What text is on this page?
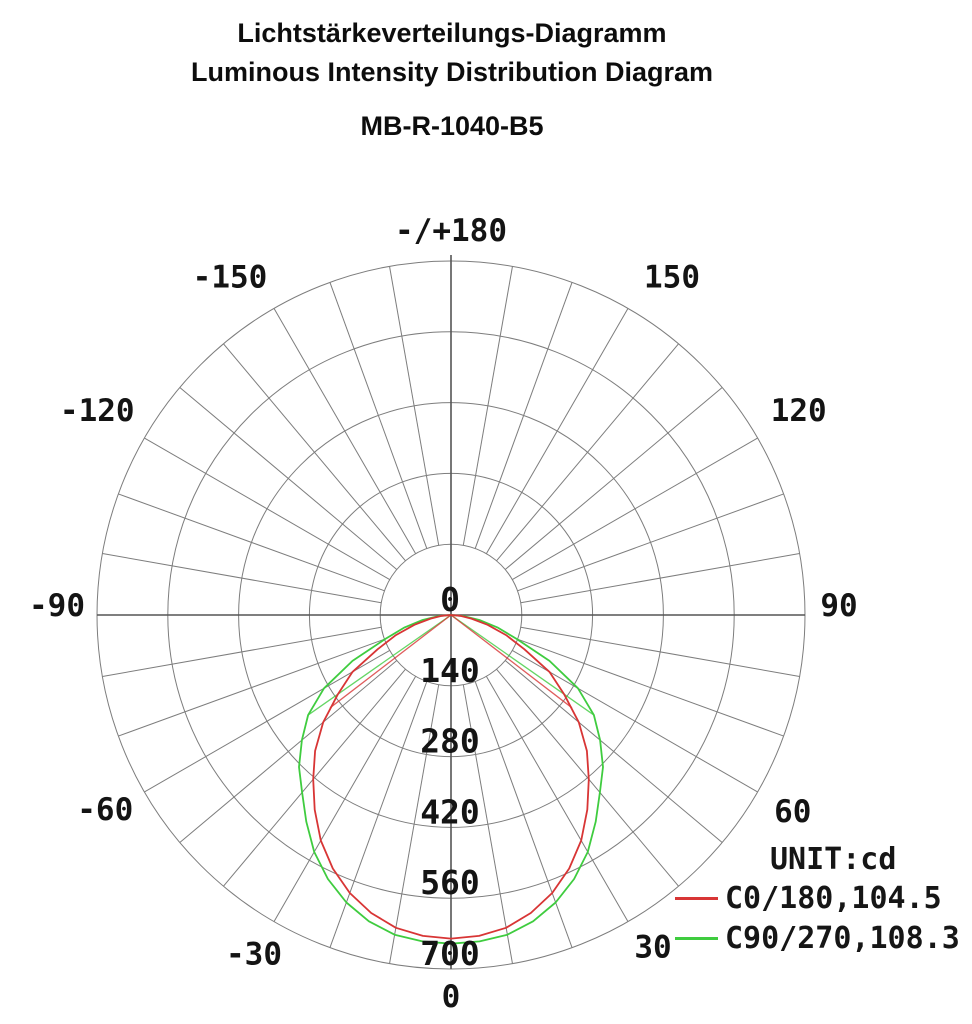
Lichtstärkeverteilungs-Diagramm
Luminous Intensity Distribution Diagram
MB-R-1040-B5
0
140
280
420
560
700
-/+180
-150	150
-120	120
-90	90
-60	60
-30	30
0
UNIT:cd
C0/180,104.5
C90/270,108.3
